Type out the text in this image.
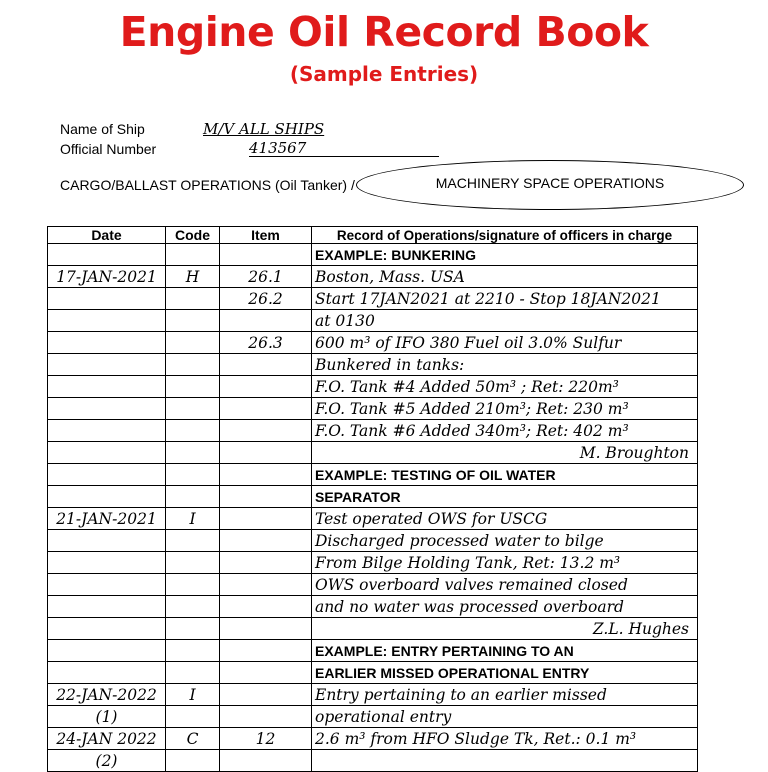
Engine Oil Record Book
(Sample Entries)
Name of Ship	M/V ALL SHIPS
Official Number	413567
CARGO/BALLAST OPERATIONS (Oil Tanker) /	MACHINERY SPACE OPERATIONS
Date	Code	Item	Record of Operations/signature of officers in charge
			EXAMPLE: BUNKERING
17-JAN-2021	H	26.1	Boston, Mass. USA
		26.2	Start 17JAN2021 at 2210 - Stop 18JAN2021
			at 0130
		26.3	600 m³ of IFO 380 Fuel oil 3.0% Sulfur
			Bunkered in tanks:
			F.O. Tank #4 Added 50m³ ; Ret: 220m³
			F.O. Tank #5 Added 210m³; Ret: 230 m³
			F.O. Tank #6 Added 340m³; Ret: 402 m³
			M. Broughton
			EXAMPLE: TESTING OF OIL WATER
			SEPARATOR
21-JAN-2021	I		Test operated OWS for USCG
			Discharged processed water to bilge
			From Bilge Holding Tank, Ret: 13.2 m³
			OWS overboard valves remained closed
			and no water was processed overboard
			Z.L. Hughes
			EXAMPLE: ENTRY PERTAINING TO AN
			EARLIER MISSED OPERATIONAL ENTRY
22-JAN-2022	I		Entry pertaining to an earlier missed
(1)			operational entry
24-JAN 2022	C	12	2.6 m³ from HFO Sludge Tk, Ret.: 0.1 m³
(2)			
